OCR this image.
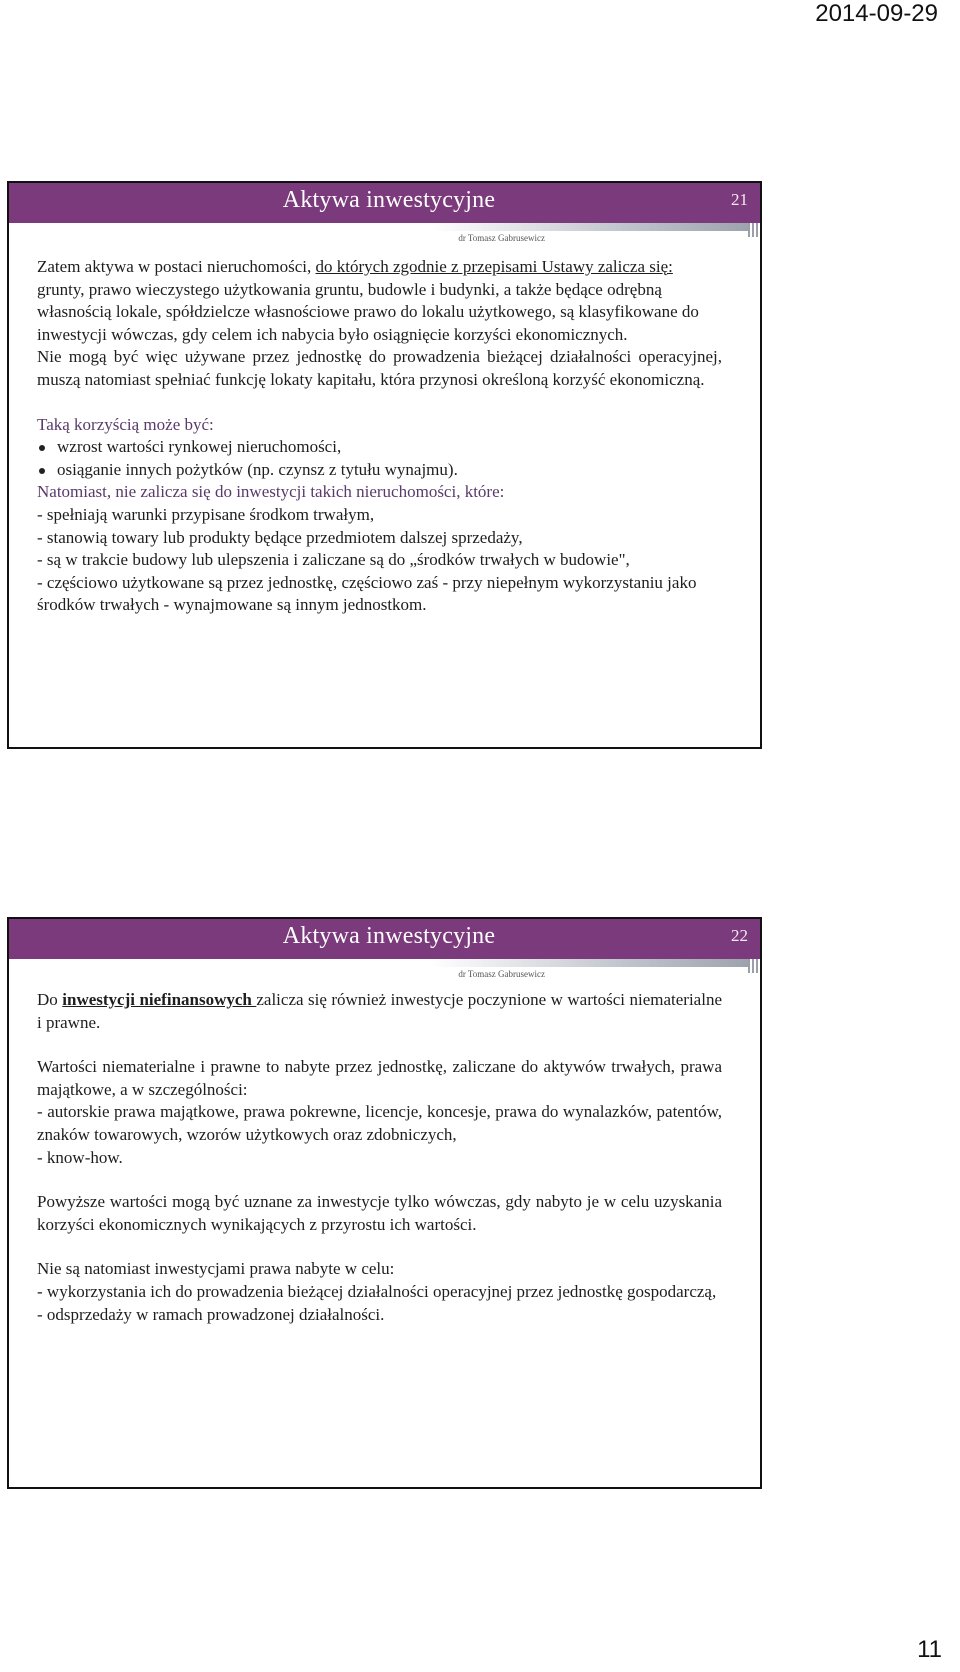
2014-09-29
Aktywa inwestycyjne	21
dr Tomasz Gabrusewicz

Zatem aktywa w postaci nieruchomości, do których zgodnie z przepisami Ustawy zalicza się: grunty, prawo wieczystego użytkowania gruntu, budowle i budynki, a także będące odrębną własnością lokale, spółdzielcze własnościowe prawo do lokalu użytkowego, są klasyfikowane do inwestycji wówczas, gdy celem ich nabycia było osiągnięcie korzyści ekonomicznych.

Nie mogą być więc używane przez jednostkę do prowadzenia bieżącej działalności operacyjnej, muszą natomiast spełniać funkcję lokaty kapitału, która przynosi określoną korzyść ekonomiczną.

Taką korzyścią może być:

wzrost wartości rynkowej nieruchomości,
osiąganie innych pożytków (np. czynsz z tytułu wynajmu).

Natomiast, nie zalicza się do inwestycji takich nieruchomości, które:

- spełniają warunki przypisane środkom trwałym,

- stanowią towary lub produkty będące przedmiotem dalszej sprzedaży,

- są w trakcie budowy lub ulepszenia i zaliczane są do „środków trwałych w budowie",

- częściowo użytkowane są przez jednostkę, częściowo zaś - przy niepełnym wykorzystaniu jako środków trwałych - wynajmowane są innym jednostkom.

Aktywa inwestycyjne	22
dr Tomasz Gabrusewicz

Do inwestycji niefinansowych zalicza się również inwestycje poczynione w wartości niematerialne i prawne.

Wartości niematerialne i prawne to nabyte przez jednostkę, zaliczane do aktywów trwałych, prawa majątkowe, a w szczególności:

- autorskie prawa majątkowe, prawa pokrewne, licencje, koncesje, prawa do wynalazków, patentów, znaków towarowych, wzorów użytkowych oraz zdobniczych,

- know-how.

Powyższe wartości mogą być uznane za inwestycje tylko wówczas, gdy nabyto je w celu uzyskania korzyści ekonomicznych wynikających z przyrostu ich wartości.

Nie są natomiast inwestycjami prawa nabyte w celu:

- wykorzystania ich do prowadzenia bieżącej działalności operacyjnej przez jednostkę gospodarczą,

- odsprzedaży w ramach prowadzonej działalności.

11
